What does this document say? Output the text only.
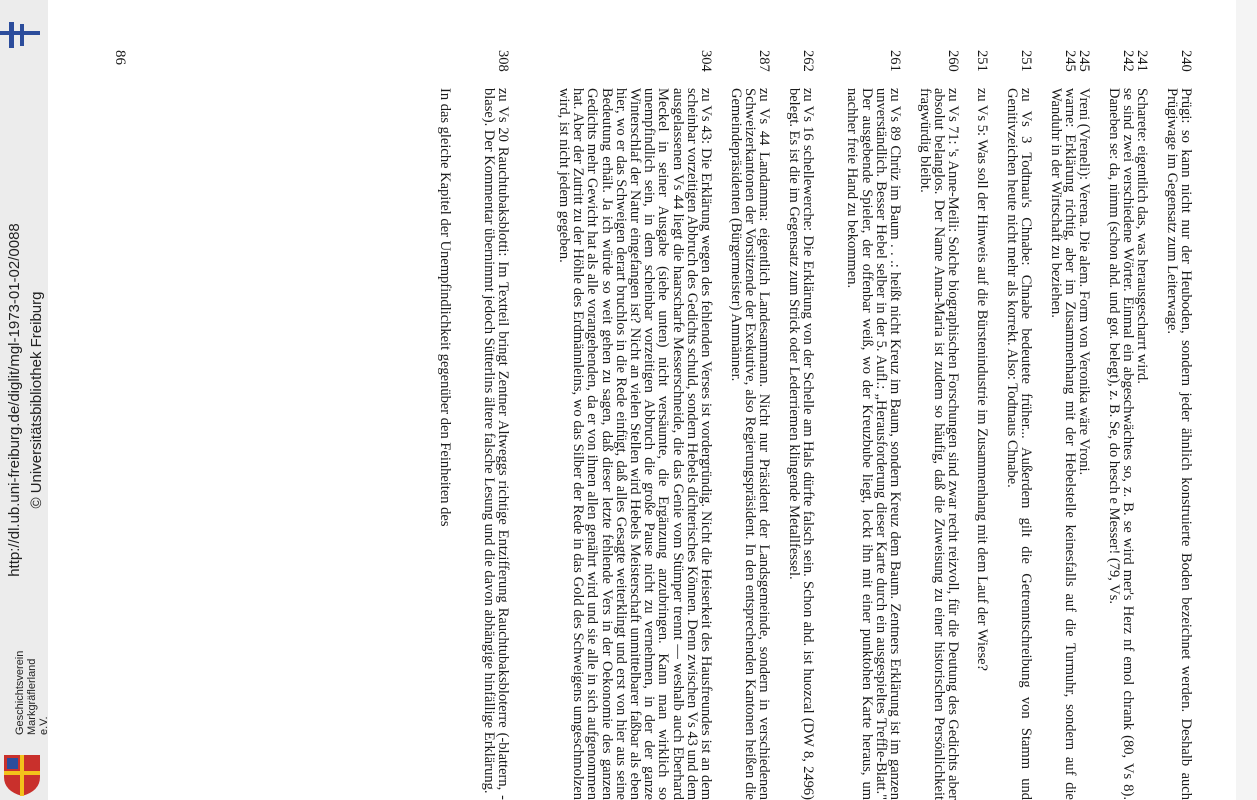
http://dl.ub.uni-freiburg.de/diglit/mgl-1973-01-02/0088 © Universitätsbibliothek Freiburg
Geschichtsverein Markgräflerland e.V.
240
Prügi: so kann nicht nur der Heuboden, sondern jeder ähnlich konstruierte Boden bezeichnet werden. Deshalb auch Prügiwage im Gegensatz zum Leiterwage.
241
Scharete: eigentlich das, was herausgescharrt wird.
242
se sind zwei verschiedene Wörter. Einmal ein abgeschwächtes so, z. B. se wird mer's Herz nf emol chrank (80, Vs 8). Daneben se: da, nimm (schon ahd. und got. belegt), z. B. Se, do hesch e Messer! (79, Vs.
245
Vreni (Vreneli): Verena. Die alem. Form von Veronika wäre Vroni.
245
warne: Erklärung richtig, aber im Zusammenhang mit der Hebelstelle keinesfalls auf die Turmuhr, sondern auf die Wanduhr in der Wirtschaft zu beziehen.
251
zu Vs 3 Todtnau's Chnabe: Chnabe bedeutete früher... Außerdem gilt die Getrenntschreibung von Stamm und Genitivzeichen heute nicht mehr als korrekt. Also: Todtnaus Chnabe.
251
zu Vs 5: Was soll der Hinweis auf die Bürstenindustrie im Zusammenhang mit dem Lauf der Wiese?
260
zu Vs 71: 's Anne-Meili: Solche biographischen Forschungen sind zwar recht reizvoll, für die Deutung des Gedichts aber absolut belanglos. Der Name Anna-Maria ist zudem so häufig, daß die Zuweisung zu einer historischen Persönlichkeit fragwürdig bleibt.
261
zu Vs 89 Chrüz im Baum . . .: heißt nicht Kreuz im Baum, sondern Kreuz dem Baum. Zentners Erklärung ist im ganzen unverständlich. Besser Hebel selber in der 5. Aufl.: „Herausforderung dieser Karte durch ein ausgespieltes Treffle-Blatt." Der ausgebende Spieler, der offenbar weiß, wo der Kreuzbube liegt, lockt ihn mit einer punktohen Karte heraus, um nachher freie Hand zu bekommen.
262
zu Vs 16 schellewerche: Die Erklärung von der Schelle am Hals dürfte falsch sein. Schon ahd. ist huozcal (DW 8, 2496) belegt. Es ist die im Gegensatz zum Strick oder Lederriemen klingende Metallfessel.
287
zu Vs 44 Landamma: eigentlich Landesammann. Nicht nur Präsident der Landsgemeinde, sondern in verschiedenen Schweizerkantonen der Vorsitzende der Exekutive, also Regierungspräsident. In den entsprechenden Kantonen heißen die Gemeindepräsidenten (Bürgermeister) Ammänner.
304
zu Vs 43: Die Erklärung wegen des fehlenden Verses ist vordergründig. Nicht die Heiserkeit des Hausfreundes ist an dem scheinbar vorzeitigen Abbruch des Gedichts schuld, sondern Hebels dichterisches Können. Denn zwischen Vs 43 und dem ausgelassenen Vs 44 liegt die haarscharfe Messerschneide, die das Genie vom Stümper trennt — weshalb auch Eberhard Meckel in seiner Ausgabe (siehe unten) nicht versäumte, die Ergänzung anzubringen. Kann man wirklich so unempfindlich sein, in dem scheinbar vorzeitigen Abbruch die große Pause nicht zu vernehmen, in der der ganze Winterschlaf der Natur eingefangen ist? Nicht an vielen Stellen wird Hebels Meisterschaft unmittelbarer faßbar als eben hier, wo er das Schweigen derart bruchlos in die Rede einfügt, daß alles Gesagte weiterklingt und erst von hier aus seine Bedeutung erhält. Ja ich würde so weit gehen zu sagen, daß dieser letzte fehlende Vers in der Oekonomie des ganzen Gedichts mehr Gewicht hat als alle vorangehenden, da er von ihnen allen genährt wird und sie alle in sich aufgenommen hat. Aber der Zutritt zu der Höhle des Erdmännleins, wo das Silber der Rede in das Gold des Schweigens umgeschmolzen wird, ist nicht jedem gegeben.
308
zu Vs 20 Rauchtubaksblotti: Im Textteil bringt Zentner Altweggs richtige Entzifferung Rauchtubaksbloterre (-blattern, -blase). Der Kommentar übernimmt jedoch Sütterlins ältere falsche Lesung und die davon abhängige hinfällige Erklärung.
In das gleiche Kapitel der Unempfindlichkeit gegenüber den Feinheiten des
86
